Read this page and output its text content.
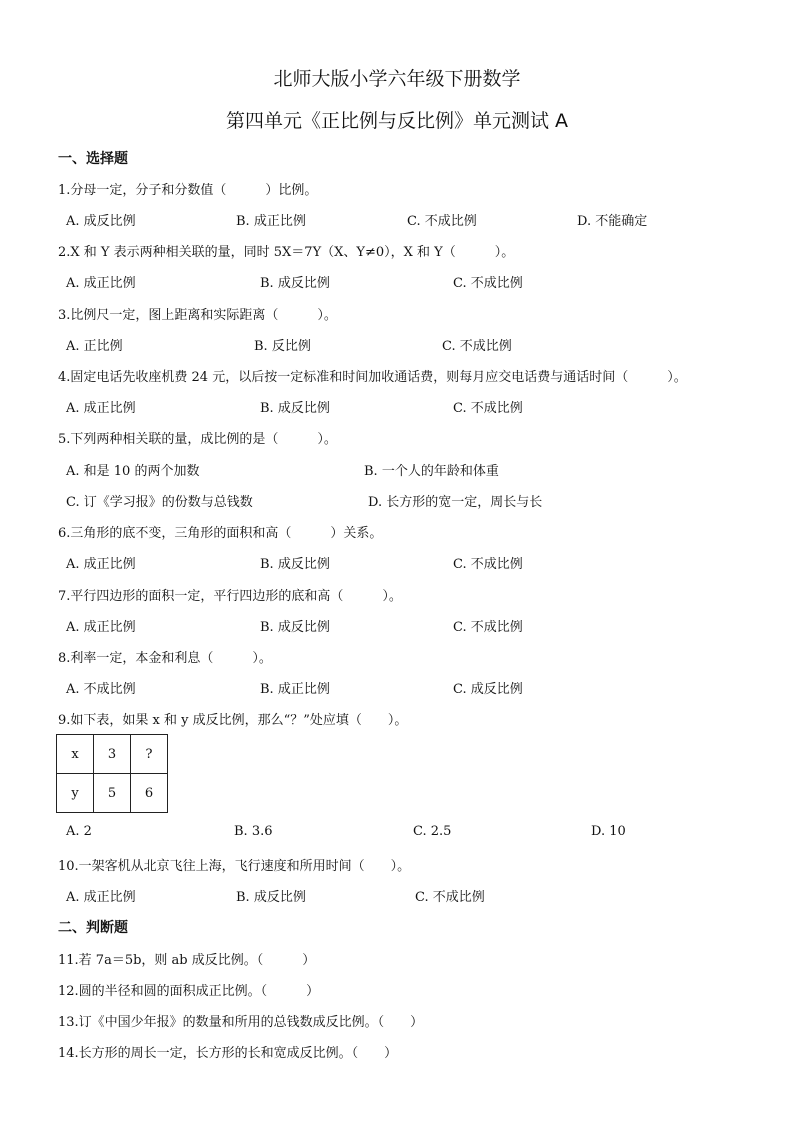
北师大版小学六年级下册数学
第四单元《正比例与反比例》单元测试 A
一、选择题
1.分母一定，分子和分数值（　　　）比例。
A. 成反比例	B. 成正比例	C. 不成比例	D. 不能确定
2.X 和 Y 表示两种相关联的量，同时 5X＝7Y（X、Y≠0），X 和 Y（　　　）。
A. 成正比例	B. 成反比例	C. 不成比例
3.比例尺一定，图上距离和实际距离（　　　）。
A. 正比例	B. 反比例	C. 不成比例
4.固定电话先收座机费 24 元，以后按一定标准和时间加收通话费，则每月应交电话费与通话时间（　　　）。
A. 成正比例	B. 成反比例	C. 不成比例
5.下列两种相关联的量，成比例的是（　　　）。
A. 和是 10 的两个加数	B. 一个人的年龄和体重
C. 订《学习报》的份数与总钱数	D. 长方形的宽一定，周长与长
6.三角形的底不变，三角形的面积和高（　　　）关系。
A. 成正比例	B. 成反比例	C. 不成比例
7.平行四边形的面积一定，平行四边形的底和高（　　　）。
A. 成正比例	B. 成反比例	C. 不成比例
8.利率一定，本金和利息（　　　）。
A. 不成比例	B. 成正比例	C. 成反比例
9.如下表，如果 x 和 y 成反比例，那么“？”处应填（　　）。
x	3	?
y	5	6
A. 2	B. 3.6	C. 2.5	D. 10
10.一架客机从北京飞往上海，飞行速度和所用时间（　　）。
A. 成正比例	B. 成反比例	C. 不成比例
二、判断题
11.若 7a＝5b，则 ab 成反比例。（　　　）
12.圆的半径和圆的面积成正比例。（　　　）
13.订《中国少年报》的数量和所用的总钱数成反比例。（　　）
14.长方形的周长一定，长方形的长和宽成反比例。（　　）
